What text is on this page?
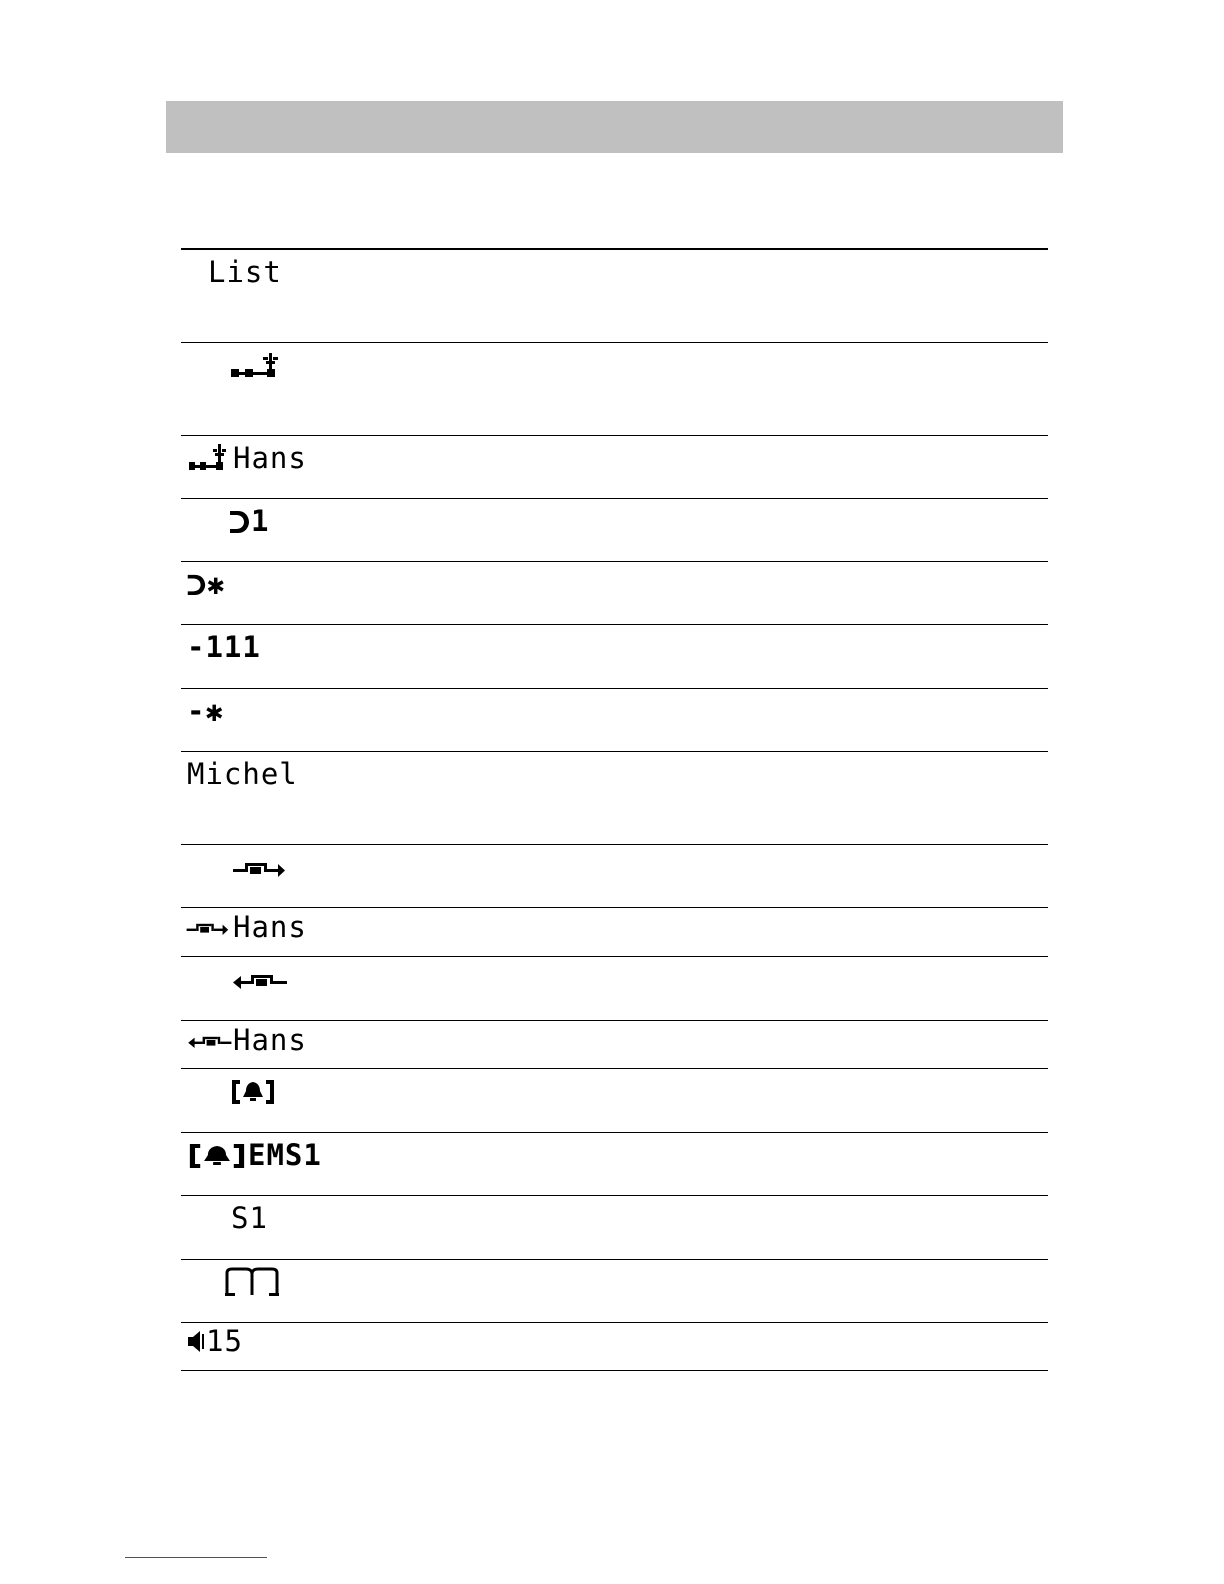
List
Hans
1
✱
-111
-✱
Michel
Hans
Hans
EMS1
S1
15
